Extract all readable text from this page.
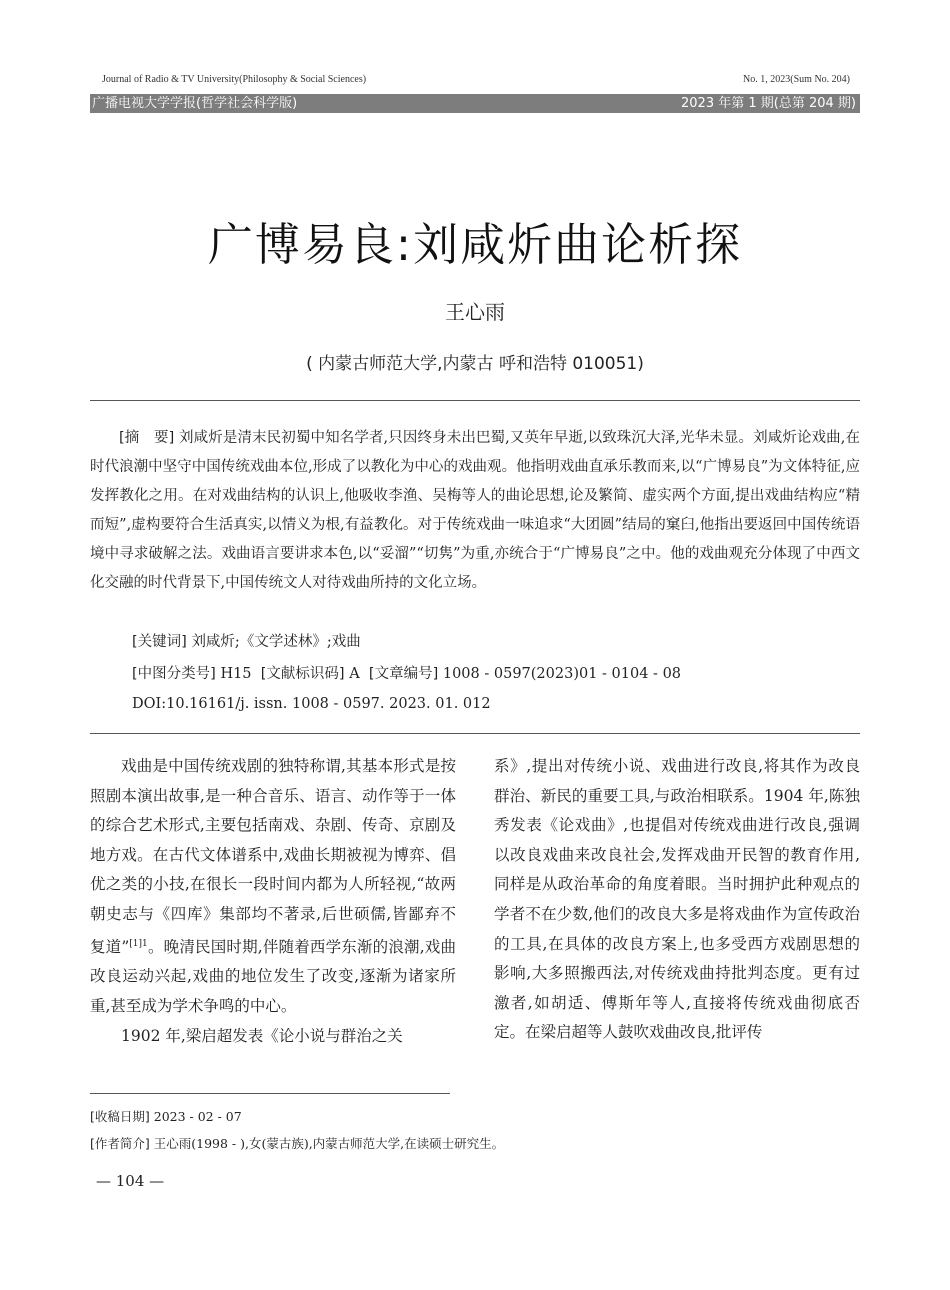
Journal of Radio & TV University(Philosophy & Social Sciences)	No. 1, 2023(Sum No. 204)
广播电视大学学报(哲学社会科学版)	2023 年第 1 期(总第 204 期)
广博易良:刘咸炘曲论析探
王心雨
( 内蒙古师范大学,内蒙古 呼和浩特 010051)
[摘　要] 刘咸炘是清末民初蜀中知名学者,只因终身未出巴蜀,又英年早逝,以致珠沉大泽,光华未显。刘咸炘论戏曲,在时代浪潮中坚守中国传统戏曲本位,形成了以教化为中心的戏曲观。他指明戏曲直承乐教而来,以“广博易良”为文体特征,应发挥教化之用。在对戏曲结构的认识上,他吸收李渔、吴梅等人的曲论思想,论及繁简、虚实两个方面,提出戏曲结构应“精而短”,虚构要符合生活真实,以情义为根,有益教化。对于传统戏曲一味追求“大团圆”结局的窠臼,他指出要返回中国传统语境中寻求破解之法。戏曲语言要讲求本色,以“妥溜”“切隽”为重,亦统合于“广博易良”之中。他的戏曲观充分体现了中西文化交融的时代背景下,中国传统文人对待戏曲所持的文化立场。
[关键词] 刘咸炘;《文学述林》;戏曲
[中图分类号] H15 [文献标识码] A [文章编号] 1008 - 0597(2023)01 - 0104 - 08
DOI:10.16161/j. issn. 1008 - 0597. 2023. 01. 012

戏曲是中国传统戏剧的独特称谓,其基本形式是按照剧本演出故事,是一种合音乐、语言、动作等于一体的综合艺术形式,主要包括南戏、杂剧、传奇、京剧及地方戏。在古代文体谱系中,戏曲长期被视为博弈、倡优之类的小技,在很长一段时间内都为人所轻视,“故两朝史志与《四库》集部均不著录,后世硕儒,皆鄙弃不复道”$^{[1]1}$。晚清民国时期,伴随着西学东渐的浪潮,戏曲改良运动兴起,戏曲的地位发生了改变,逐渐为诸家所重,甚至成为学术争鸣的中心。

1902 年,梁启超发表《论小说与群治之关

系》,提出对传统小说、戏曲进行改良,将其作为改良群治、新民的重要工具,与政治相联系。1904 年,陈独秀发表《论戏曲》,也提倡对传统戏曲进行改良,强调以改良戏曲来改良社会,发挥戏曲开民智的教育作用,同样是从政治革命的角度着眼。当时拥护此种观点的学者不在少数,他们的改良大多是将戏曲作为宣传政治的工具,在具体的改良方案上,也多受西方戏剧思想的影响,大多照搬西法,对传统戏曲持批判态度。更有过激者,如胡适、傅斯年等人,直接将传统戏曲彻底否定。在梁启超等人鼓吹戏曲改良,批评传

[收稿日期] 2023 - 02 - 07
[作者简介] 王心雨(1998 - ),女(蒙古族),内蒙古师范大学,在读硕士研究生。
— 104 —
